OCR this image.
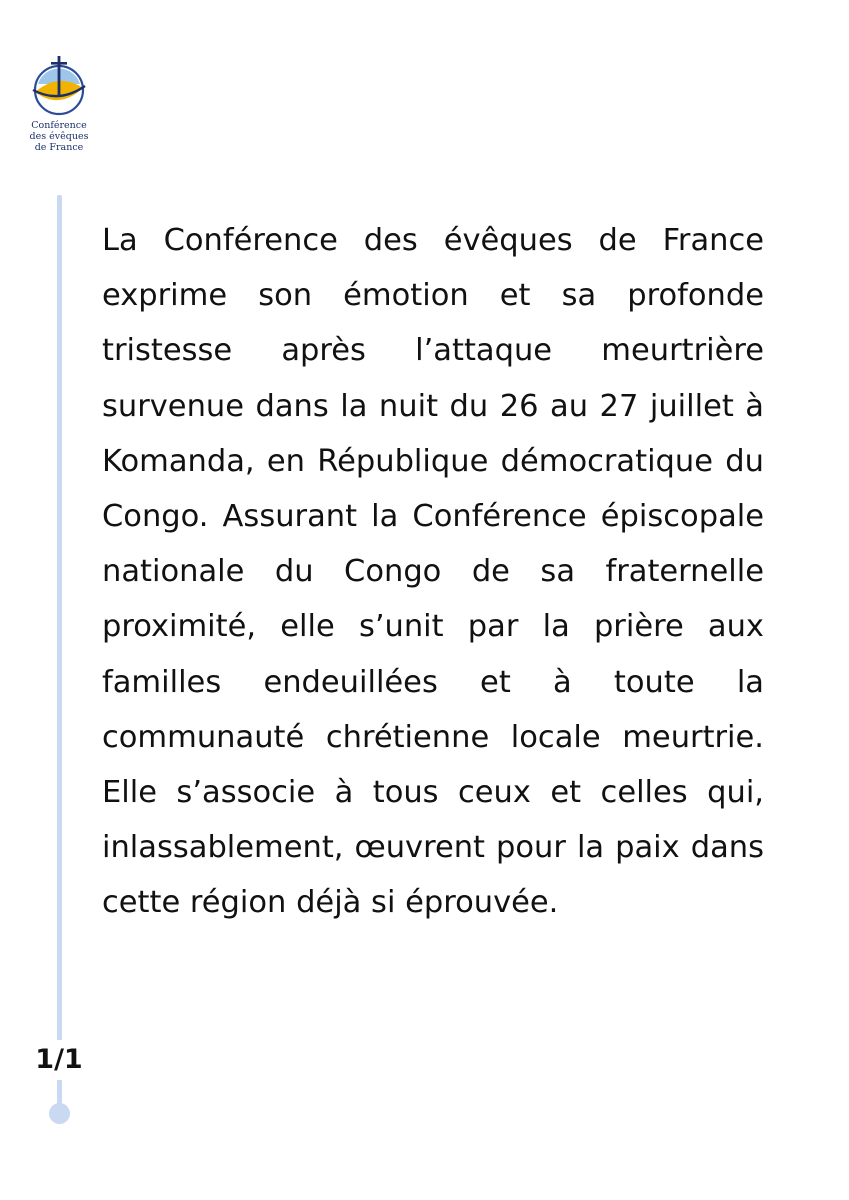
Conférence
des évêques
de France
1/1

La Conférence des évêques de France exprime son émotion et sa profonde tristesse après l’attaque meurtrière survenue dans la nuit du 26 au 27 juillet à Komanda, en République démocratique du Congo. Assurant la Conférence épiscopale nationale du Congo de sa fraternelle proximité, elle s’unit par la prière aux familles endeuillées et à toute la communauté chrétienne locale meurtrie. Elle s’associe à tous ceux et celles qui, inlassablement, œuvrent pour la paix dans cette région déjà si éprouvée.
